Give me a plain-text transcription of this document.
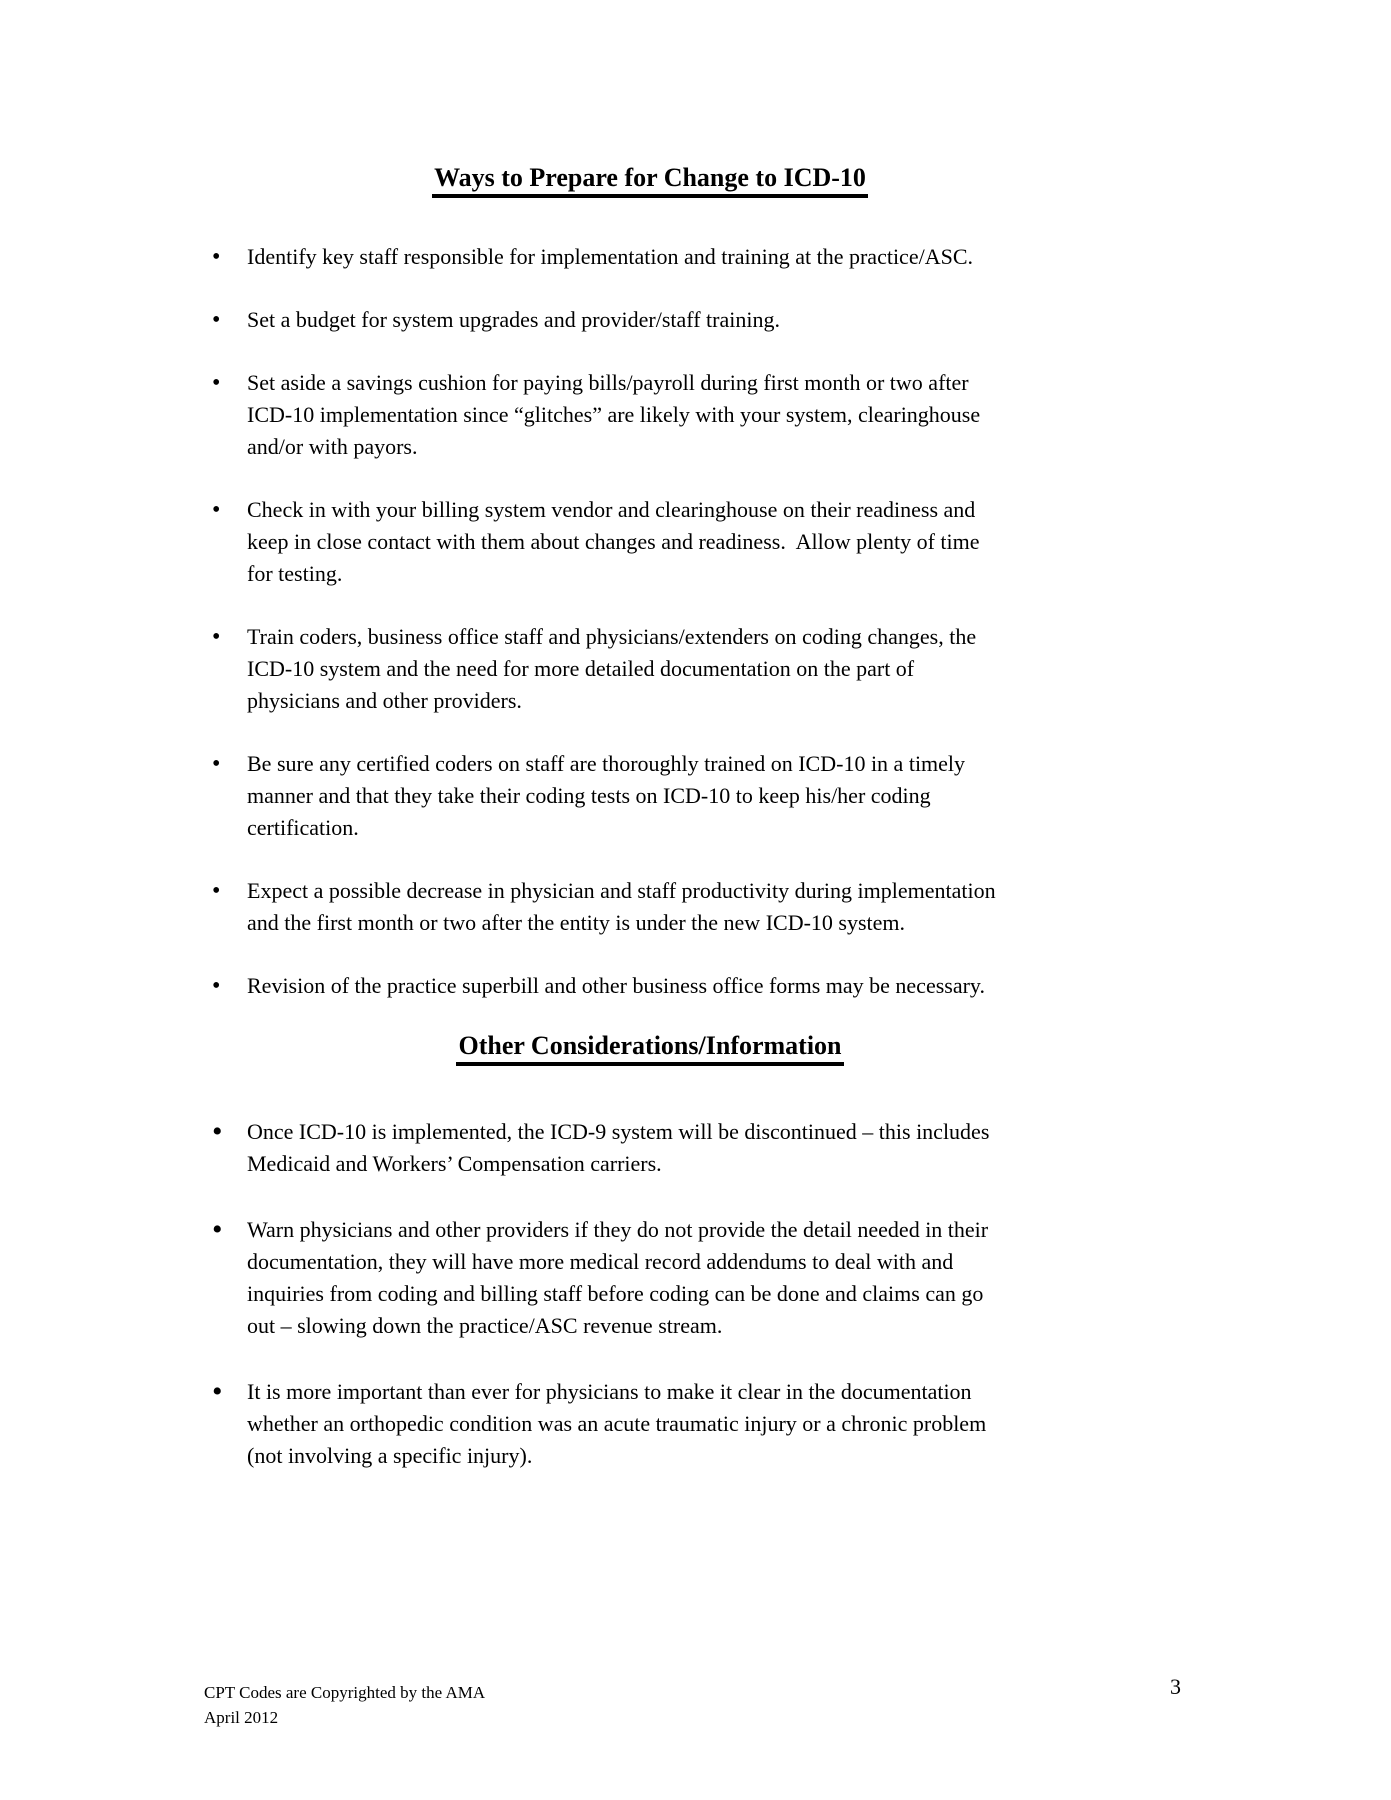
Ways to Prepare for Change to ICD-10
• Identify key staff responsible for implementation and training at the practice/ASC.
• Set a budget for system upgrades and provider/staff training.
• Set aside a savings cushion for paying bills/payroll during first month or two after
ICD-10 implementation since “glitches” are likely with your system, clearinghouse
and/or with payors.
• Check in with your billing system vendor and clearinghouse on their readiness and
keep in close contact with them about changes and readiness.  Allow plenty of time
for testing.
• Train coders, business office staff and physicians/extenders on coding changes, the
ICD-10 system and the need for more detailed documentation on the part of
physicians and other providers.
• Be sure any certified coders on staff are thoroughly trained on ICD-10 in a timely
manner and that they take their coding tests on ICD-10 to keep his/her coding
certification.
• Expect a possible decrease in physician and staff productivity during implementation
and the first month or two after the entity is under the new ICD-10 system.
• Revision of the practice superbill and other business office forms may be necessary.
Other Considerations/Information
• Once ICD-10 is implemented, the ICD-9 system will be discontinued – this includes
Medicaid and Workers’ Compensation carriers.
• Warn physicians and other providers if they do not provide the detail needed in their
documentation, they will have more medical record addendums to deal with and
inquiries from coding and billing staff before coding can be done and claims can go
out – slowing down the practice/ASC revenue stream.
• It is more important than ever for physicians to make it clear in the documentation
whether an orthopedic condition was an acute traumatic injury or a chronic problem
(not involving a specific injury).
CPT Codes are Copyrighted by the AMA
April 2012
3
